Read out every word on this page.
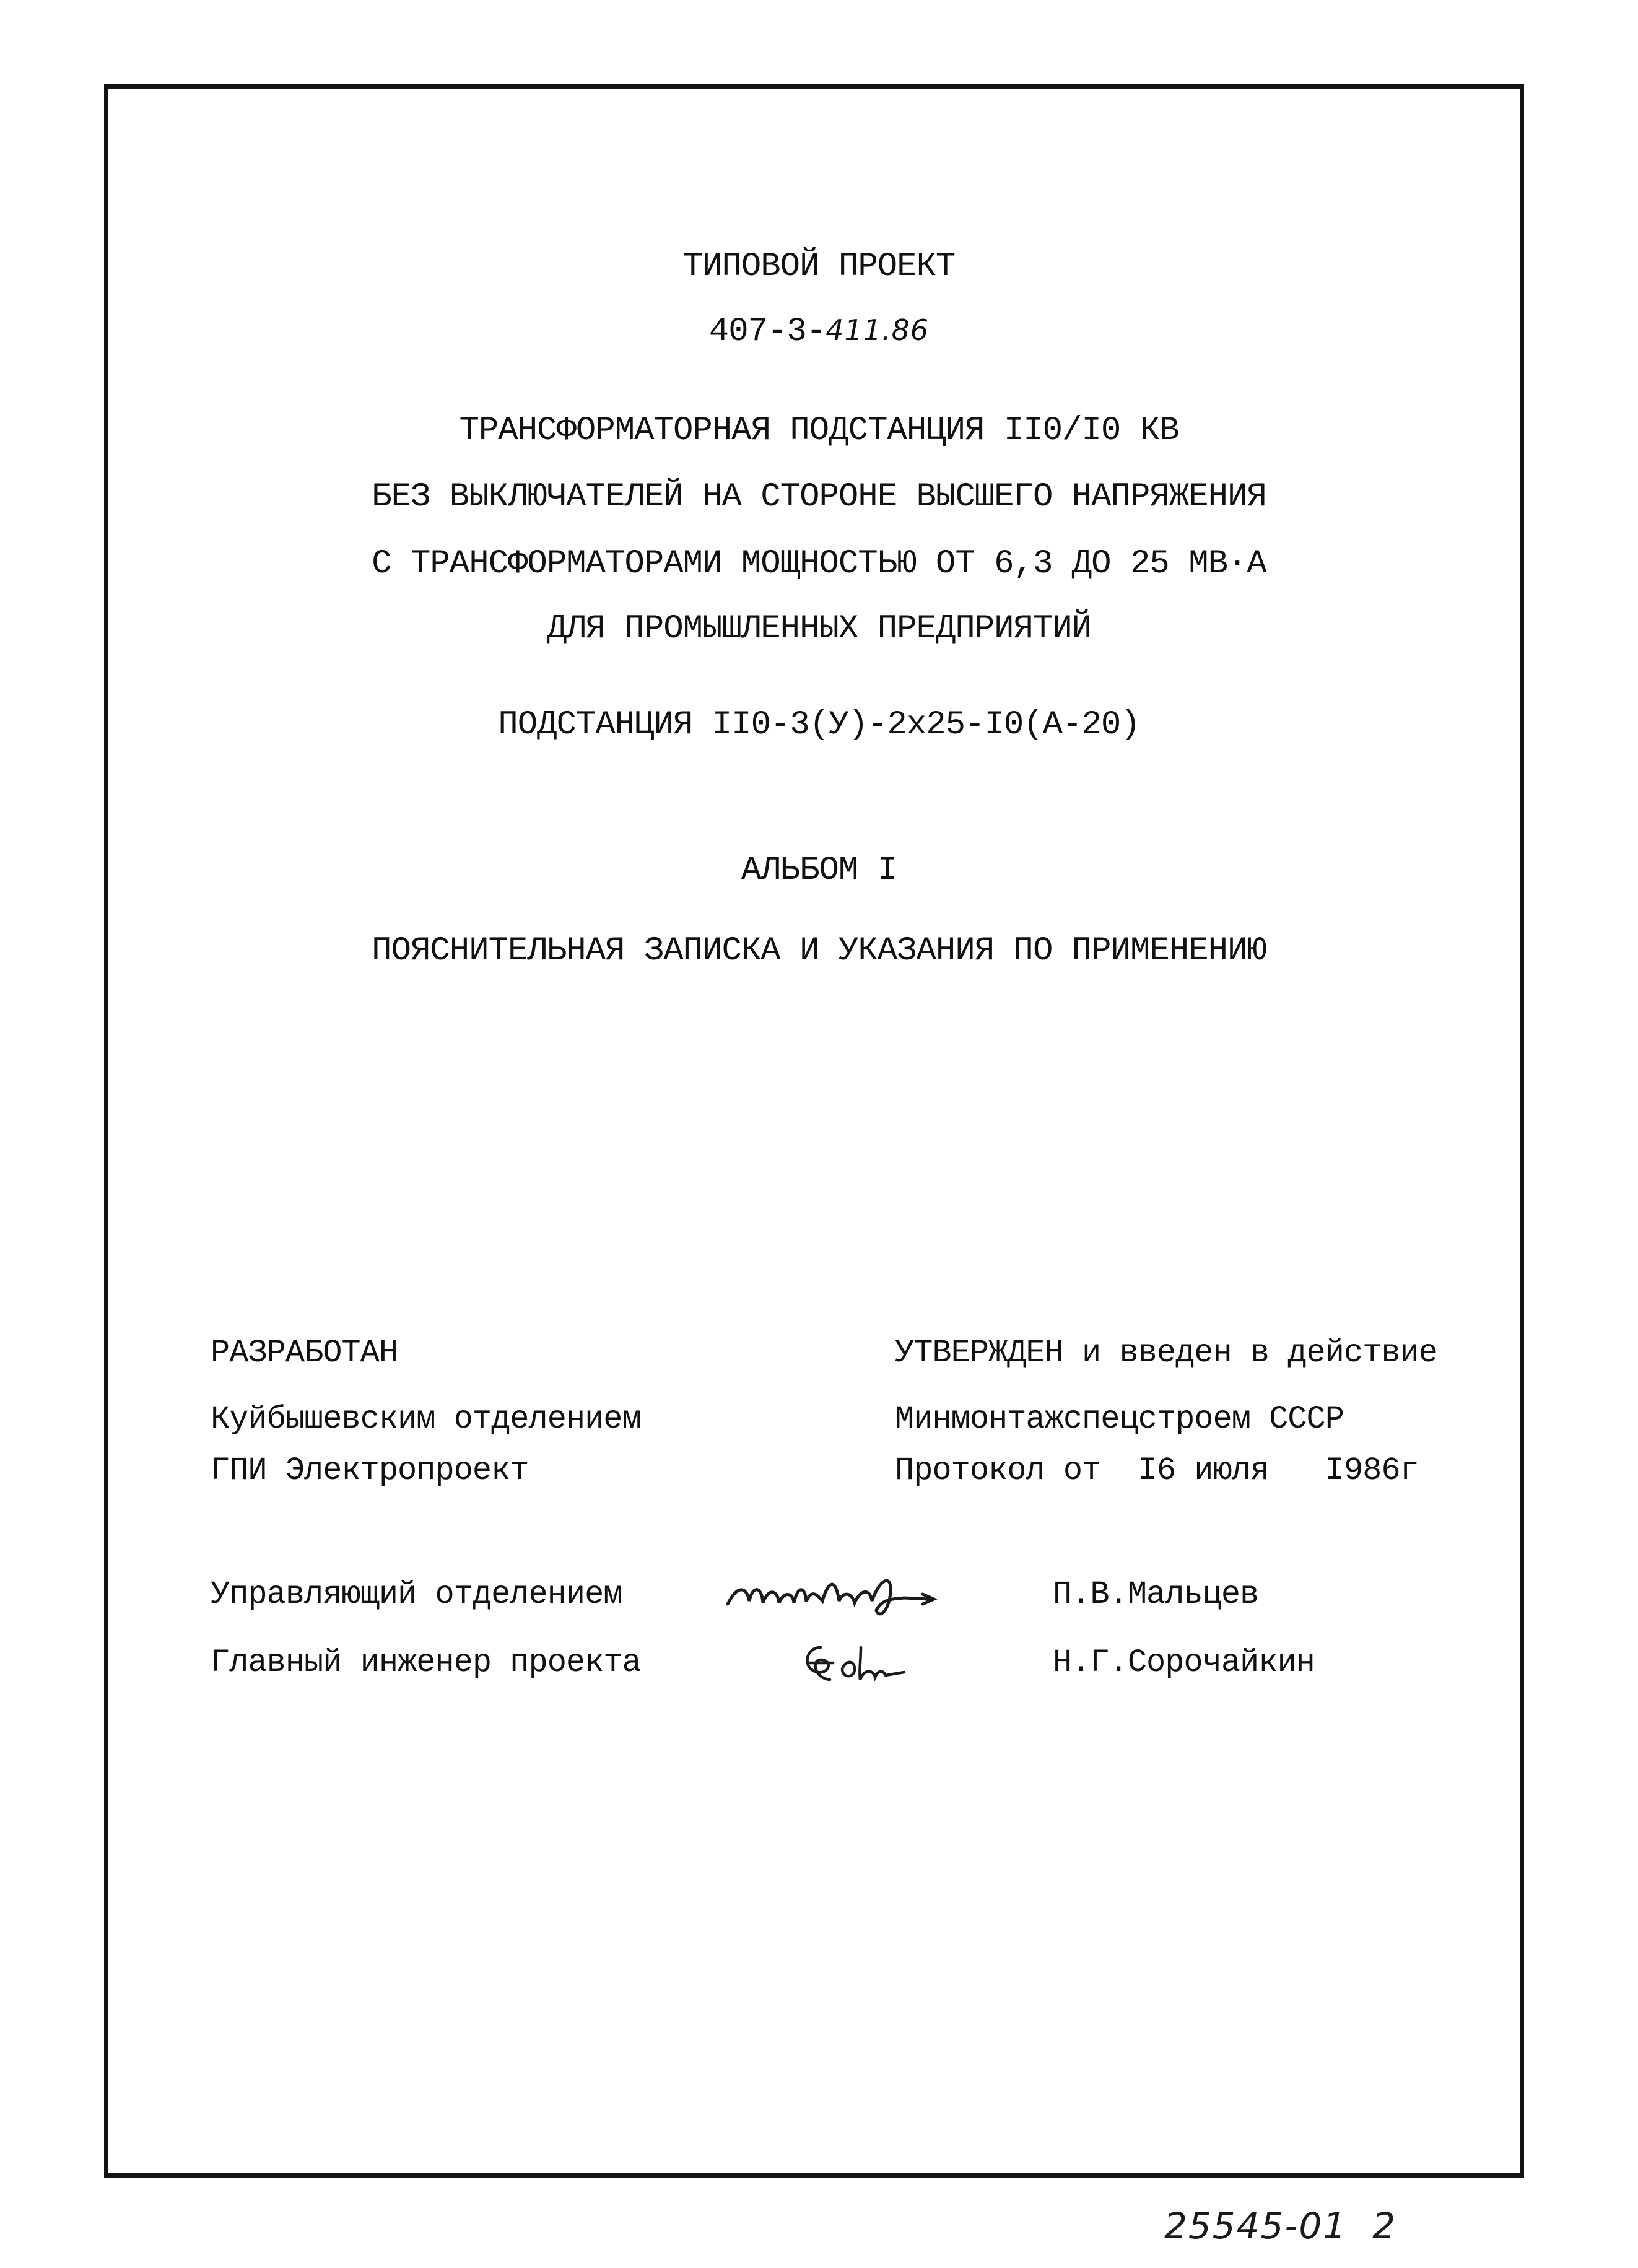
ТИПОВОЙ ПРОЕКТ
407-3-411.86
ТРАНСФОРМАТОРНАЯ ПОДСТАНЦИЯ II0/I0 КВ
БЕЗ ВЫКЛЮЧАТЕЛЕЙ НА СТОРОНЕ ВЫСШЕГО НАПРЯЖЕНИЯ
С ТРАНСФОРМАТОРАМИ МОЩНОСТЬЮ ОТ 6,3 ДО 25 МВ·А
ДЛЯ ПРОМЫШЛЕННЫХ ПРЕДПРИЯТИЙ
ПОДСТАНЦИЯ II0-3(У)-2х25-I0(А-20)
АЛЬБОМ I
ПОЯСНИТЕЛЬНАЯ ЗАПИСКА И УКАЗАНИЯ ПО ПРИМЕНЕНИЮ
РАЗРАБОТАН
Куйбышевским отделением
ГПИ Электропроект
УТВЕРЖДЕН и введен в действие
Минмонтажспецстроем СССР
Протокол от I6 июля I986г
Управляющий отделением	П.В.Мальцев
Главный инженер проекта	Н.Г.Сорочайкин
25545-01 2
